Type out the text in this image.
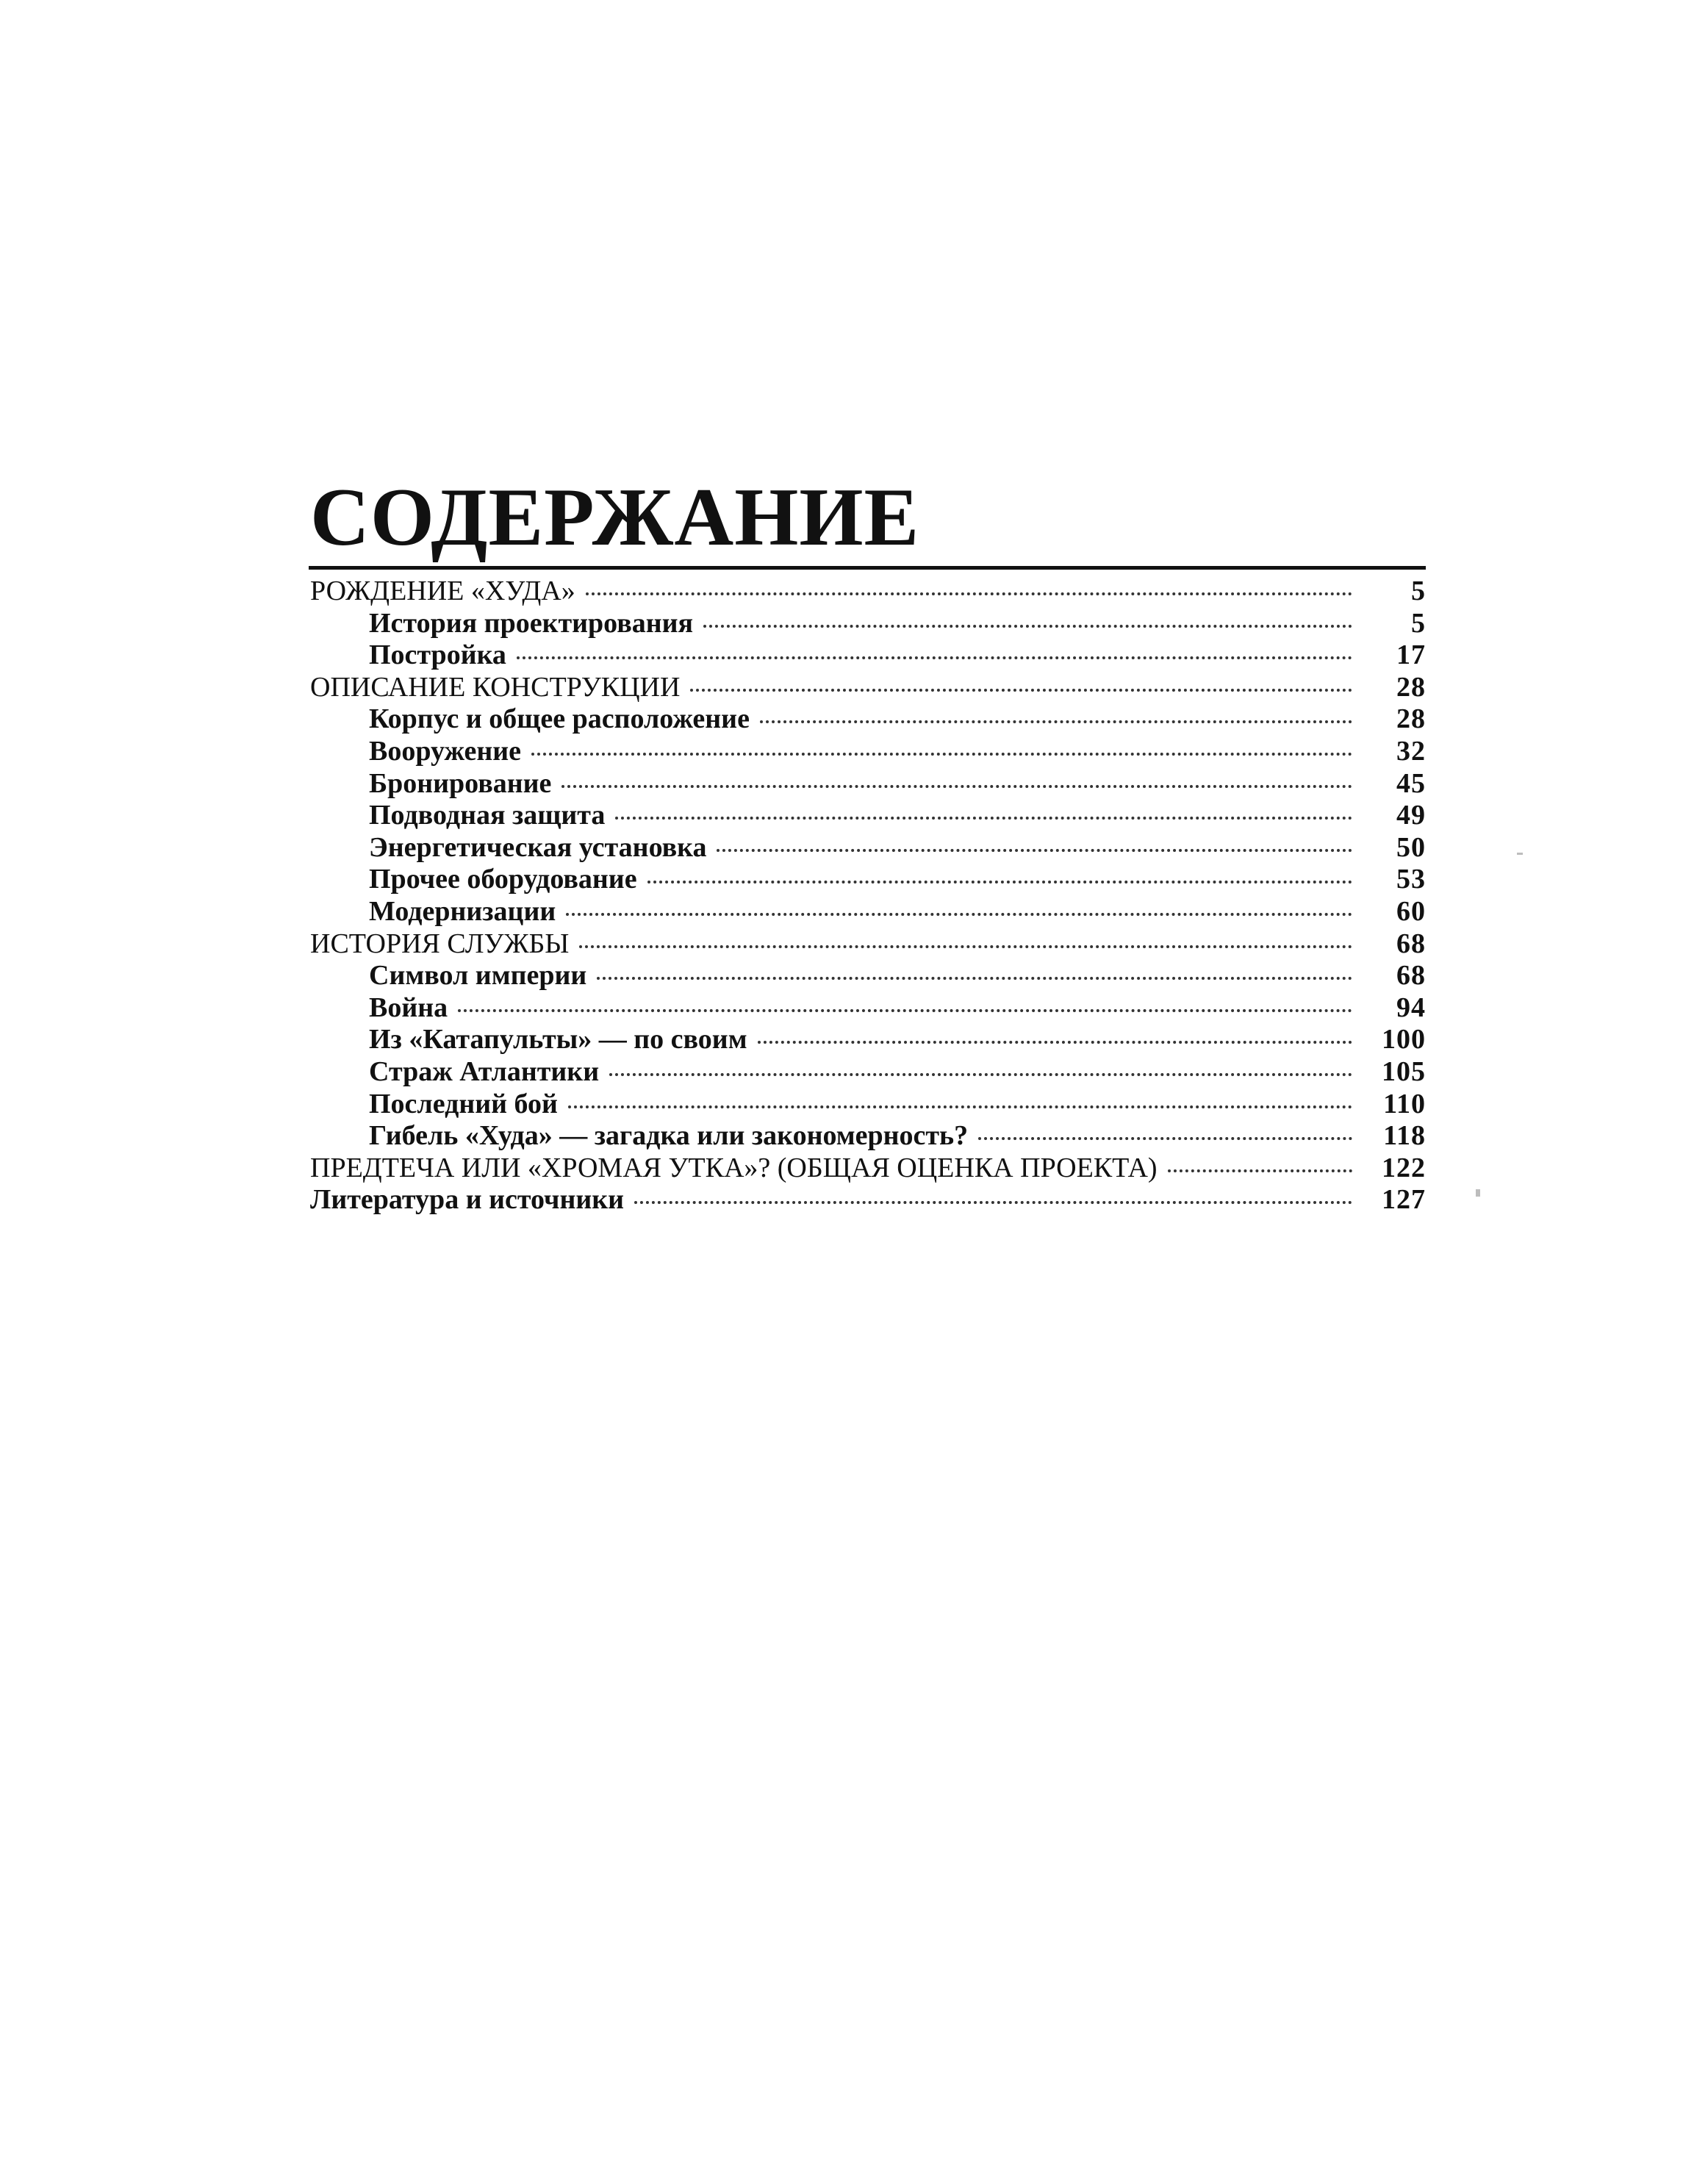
СОДЕРЖАНИЕ
РОЖДЕНИЕ «ХУДА»	5
История проектирования	5
Постройка	17
ОПИСАНИЕ КОНСТРУКЦИИ	28
Корпус и общее расположение	28
Вооружение	32
Бронирование	45
Подводная защита	49
Энергетическая установка	50
Прочее оборудование	53
Модернизации	60
ИСТОРИЯ СЛУЖБЫ	68
Символ империи	68
Война	94
Из «Катапульты» — по своим	100
Страж Атлантики	105
Последний бой	110
Гибель «Худа» — загадка или закономерность?	118
ПРЕДТЕЧА ИЛИ «ХРОМАЯ УТКА»? (ОБЩАЯ ОЦЕНКА ПРОЕКТА)	122
Литература и источники	127
